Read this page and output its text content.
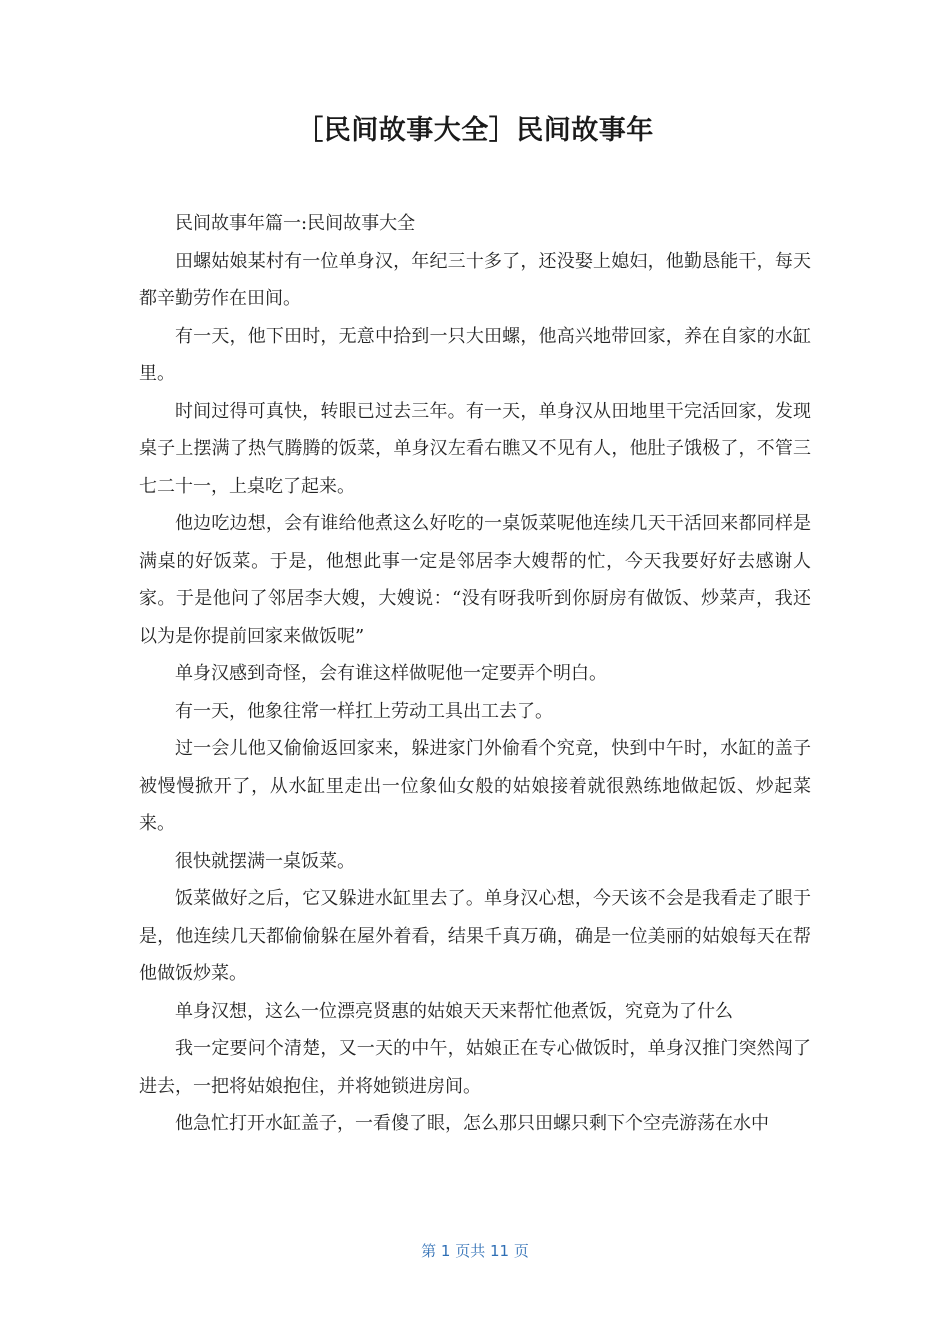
［民间故事大全］民间故事年

民间故事年篇一:民间故事大全

田螺姑娘某村有一位单身汉，年纪三十多了，还没娶上媳妇，他勤恳能干，每天都辛勤劳作在田间。

有一天，他下田时，无意中拾到一只大田螺，他高兴地带回家，养在自家的水缸里。

时间过得可真快，转眼已过去三年。有一天，单身汉从田地里干完活回家，发现桌子上摆满了热气腾腾的饭菜，单身汉左看右瞧又不见有人，他肚子饿极了，不管三七二十一，上桌吃了起来。

他边吃边想，会有谁给他煮这么好吃的一桌饭菜呢他连续几天干活回来都同样是满桌的好饭菜。于是，他想此事一定是邻居李大嫂帮的忙，今天我要好好去感谢人家。于是他问了邻居李大嫂，大嫂说：“没有呀我听到你厨房有做饭、炒菜声，我还以为是你提前回家来做饭呢”

单身汉感到奇怪，会有谁这样做呢他一定要弄个明白。

有一天，他象往常一样扛上劳动工具出工去了。

过一会儿他又偷偷返回家来，躲进家门外偷看个究竟，快到中午时，水缸的盖子被慢慢掀开了，从水缸里走出一位象仙女般的姑娘接着就很熟练地做起饭、炒起菜来。

很快就摆满一桌饭菜。

饭菜做好之后，它又躲进水缸里去了。单身汉心想，今天该不会是我看走了眼于是，他连续几天都偷偷躲在屋外着看，结果千真万确，确是一位美丽的姑娘每天在帮他做饭炒菜。

单身汉想，这么一位漂亮贤惠的姑娘天天来帮忙他煮饭，究竟为了什么

我一定要问个清楚，又一天的中午，姑娘正在专心做饭时，单身汉推门突然闯了进去，一把将姑娘抱住，并将她锁进房间。

他急忙打开水缸盖子，一看傻了眼，怎么那只田螺只剩下个空壳游荡在水中

第 1 页共 11 页
